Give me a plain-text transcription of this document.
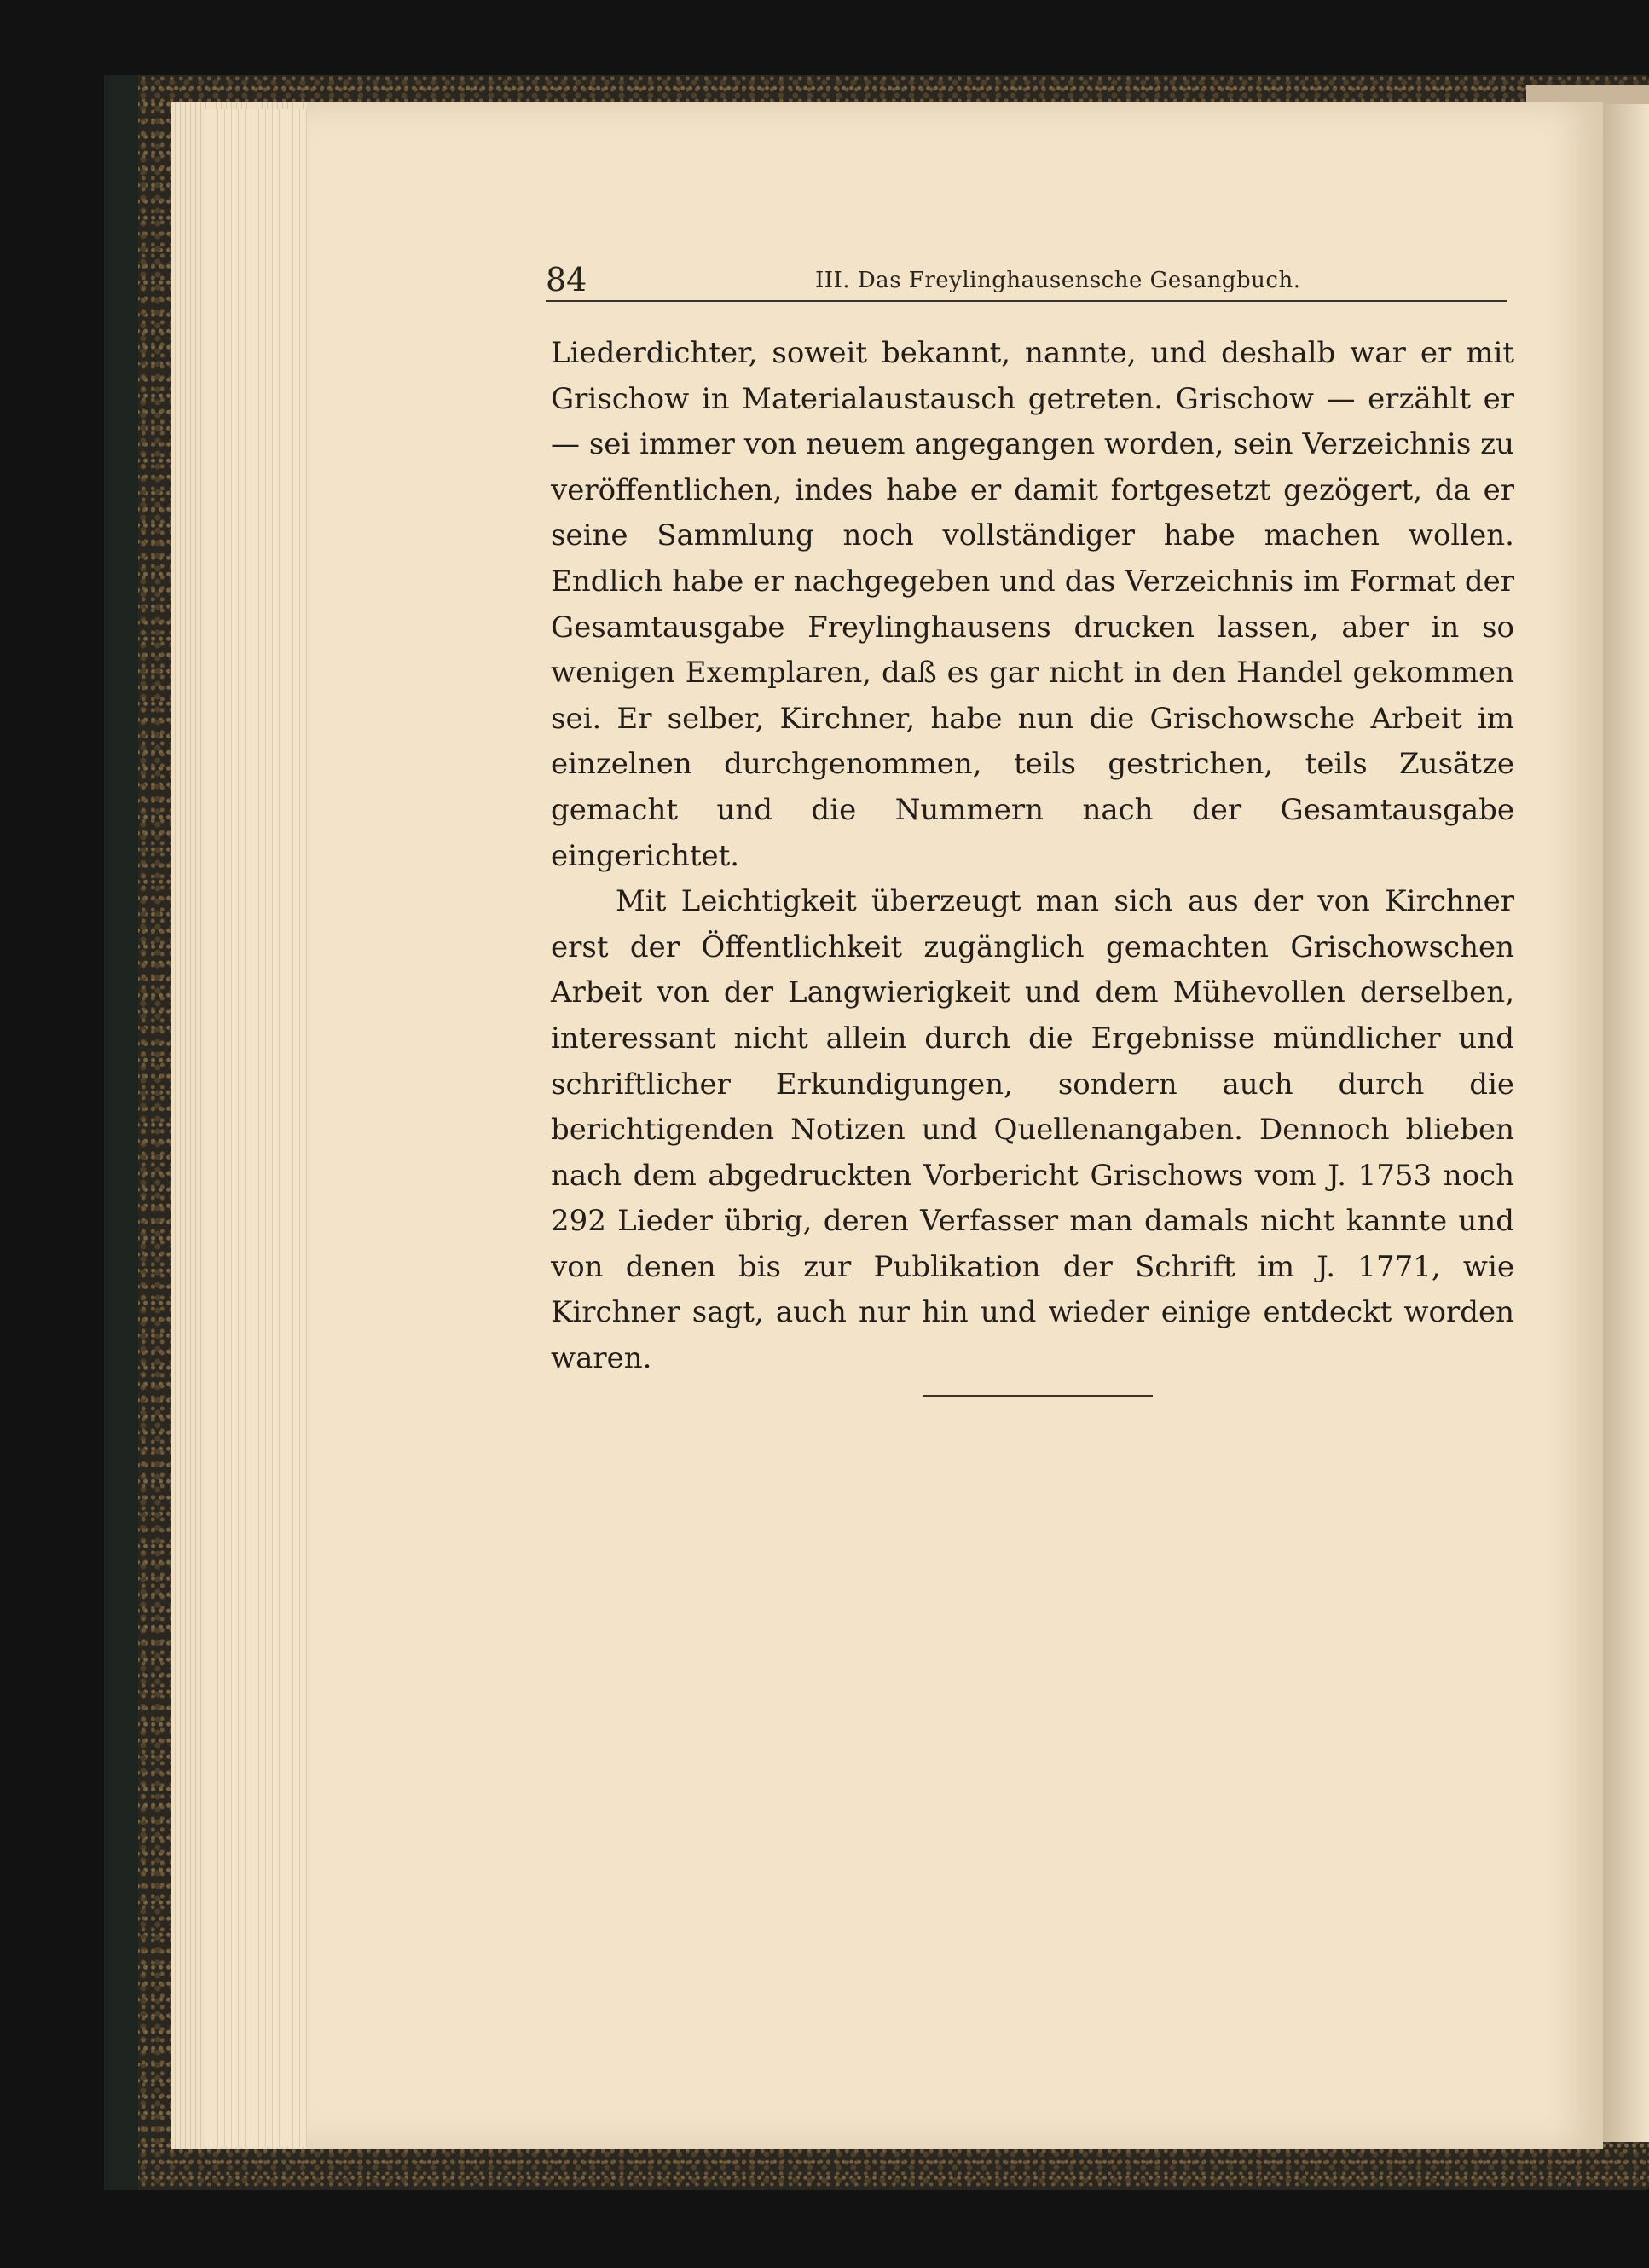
84	III. Das Freylinghausensche Gesangbuch.

Liederdichter, soweit bekannt, nannte, und deshalb war er mit Grischow in Materialaustausch getreten. Grischow — erzählt er — sei immer von neuem angegangen worden, sein Verzeichnis zu veröffentlichen, indes habe er damit fortgesetzt gezögert, da er seine Sammlung noch vollständiger habe machen wollen. Endlich habe er nachgegeben und das Verzeichnis im Format der Gesamtausgabe Freylinghausens drucken lassen, aber in so wenigen Exemplaren, daß es gar nicht in den Handel gekommen sei. Er selber, Kirchner, habe nun die Grischowsche Arbeit im einzelnen durchgenommen, teils gestrichen, teils Zusätze gemacht und die Nummern nach der Gesamtausgabe eingerichtet.

Mit Leichtigkeit überzeugt man sich aus der von Kirchner erst der Öffentlichkeit zugänglich gemachten Grischowschen Arbeit von der Langwierigkeit und dem Mühevollen derselben, interessant nicht allein durch die Ergebnisse mündlicher und schriftlicher Erkundigungen, sondern auch durch die berichtigenden Notizen und Quellenangaben. Dennoch blieben nach dem abgedruckten Vorbericht Grischows vom J. 1753 noch 292 Lieder übrig, deren Verfasser man damals nicht kannte und von denen bis zur Publikation der Schrift im J. 1771, wie Kirchner sagt, auch nur hin und wieder einige entdeckt worden waren.
